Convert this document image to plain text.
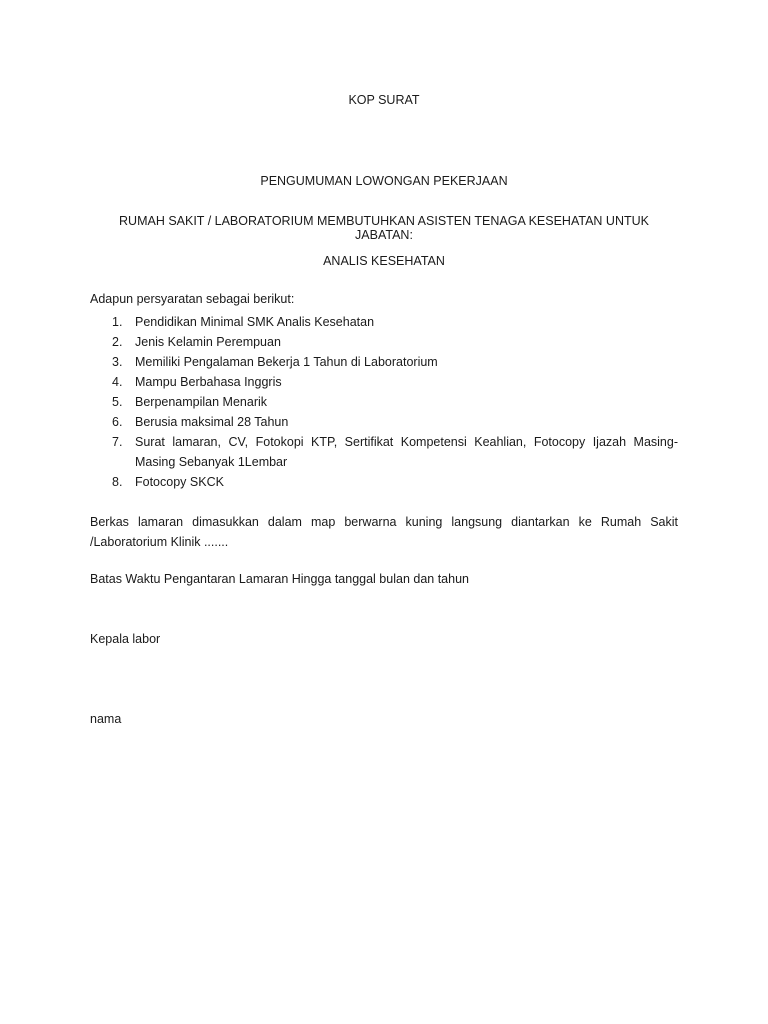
KOP SURAT
PENGUMUMAN LOWONGAN PEKERJAAN
RUMAH SAKIT / LABORATORIUM MEMBUTUHKAN ASISTEN TENAGA KESEHATAN UNTUK JABATAN:
ANALIS KESEHATAN
Adapun persyaratan sebagai berikut:
1. Pendidikan Minimal SMK Analis Kesehatan
2. Jenis Kelamin Perempuan
3. Memiliki Pengalaman Bekerja 1 Tahun di Laboratorium
4. Mampu Berbahasa Inggris
5. Berpenampilan Menarik
6. Berusia maksimal 28 Tahun
7. Surat lamaran, CV, Fotokopi KTP, Sertifikat Kompetensi Keahlian, Fotocopy Ijazah Masing-Masing Sebanyak 1Lembar
8. Fotocopy SKCK
Berkas lamaran dimasukkan dalam map berwarna kuning langsung diantarkan ke Rumah Sakit /Laboratorium Klinik .......
Batas Waktu Pengantaran Lamaran Hingga tanggal bulan dan tahun
Kepala labor
nama
